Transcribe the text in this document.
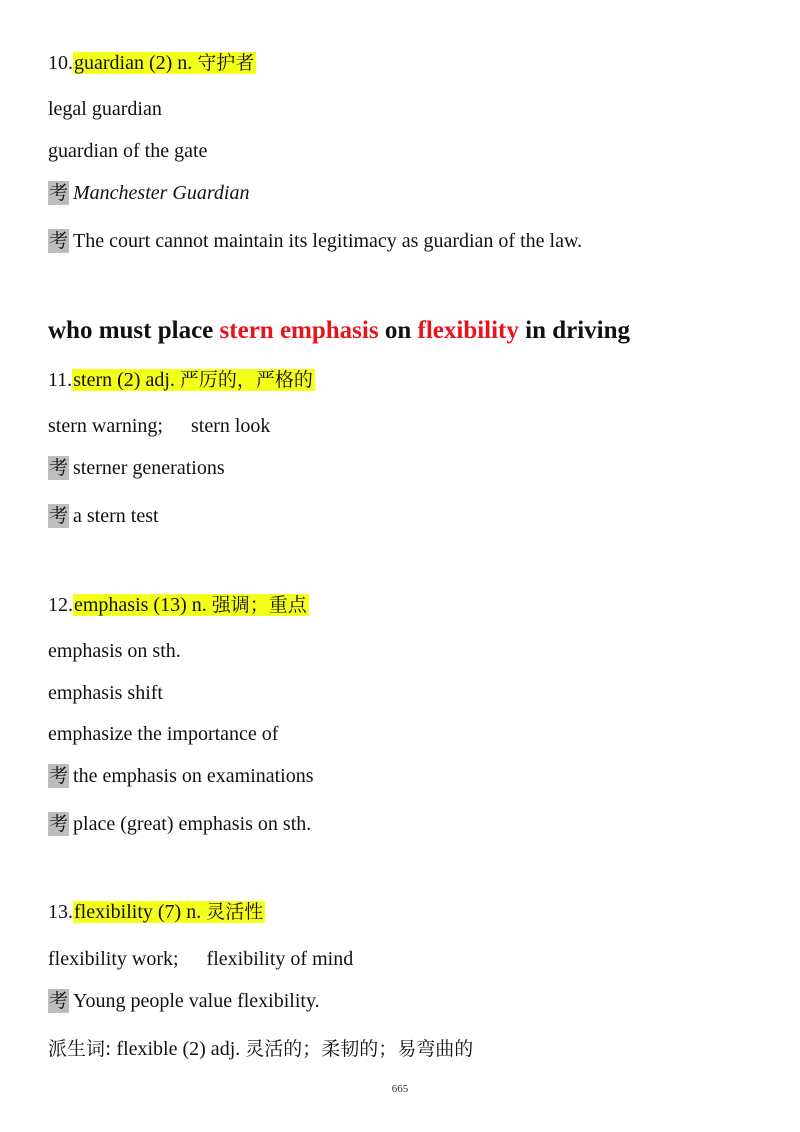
10.guardian (2) n. 守护者
legal guardian
guardian of the gate
考 Manchester Guardian
考 The court cannot maintain its legitimacy as guardian of the law.
who must place stern emphasis on flexibility in driving
11.stern (2) adj. 严厉的，严格的
stern warning; stern look
考 sterner generations
考 a stern test
12.emphasis (13) n. 强调；重点
emphasis on sth.
emphasis shift
emphasize the importance of
考 the emphasis on examinations
考 place (great) emphasis on sth.
13.flexibility (7) n. 灵活性
flexibility work; flexibility of mind
考 Young people value flexibility.
派生词: flexible (2) adj. 灵活的；柔韧的；易弯曲的
665
